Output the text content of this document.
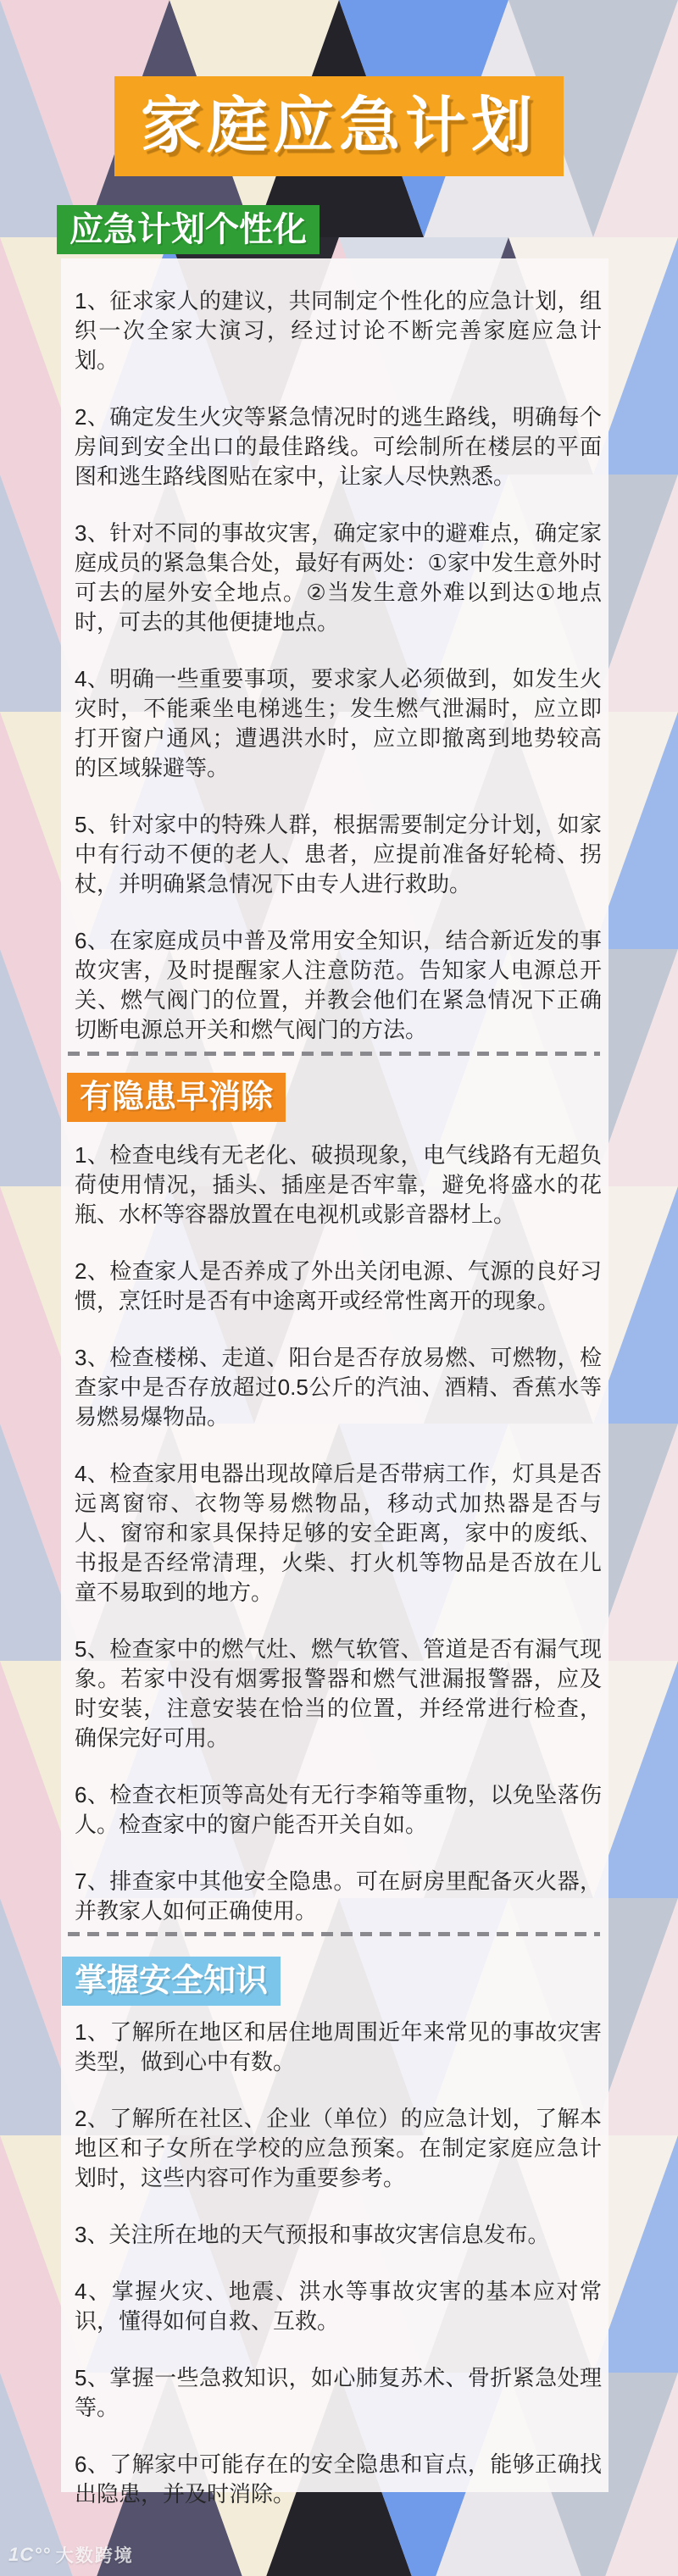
家庭应急计划
应急计划个性化
有隐患早消除
掌握安全知识

1、征求家人的建议，共同制定个性化的应急计划，组织一次全家大演习，经过讨论不断完善家庭应急计划。

2、确定发生火灾等紧急情况时的逃生路线，明确每个房间到安全出口的最佳路线。可绘制所在楼层的平面图和逃生路线图贴在家中，让家人尽快熟悉。

3、针对不同的事故灾害，确定家中的避难点，确定家庭成员的紧急集合处，最好有两处：①家中发生意外时可去的屋外安全地点。②当发生意外难以到达①地点时，可去的其他便捷地点。

4、明确一些重要事项，要求家人必须做到，如发生火灾时，不能乘坐电梯逃生；发生燃气泄漏时，应立即打开窗户通风；遭遇洪水时，应立即撤离到地势较高的区域躲避等。

5、针对家中的特殊人群，根据需要制定分计划，如家中有行动不便的老人、患者，应提前准备好轮椅、拐杖，并明确紧急情况下由专人进行救助。

6、在家庭成员中普及常用安全知识，结合新近发的事故灾害，及时提醒家人注意防范。告知家人电源总开关、燃气阀门的位置，并教会他们在紧急情况下正确切断电源总开关和燃气阀门的方法。

1、检查电线有无老化、破损现象，电气线路有无超负荷使用情况，插头、插座是否牢靠，避免将盛水的花瓶、水杯等容器放置在电视机或影音器材上。

2、检查家人是否养成了外出关闭电源、气源的良好习惯，烹饪时是否有中途离开或经常性离开的现象。

3、检查楼梯、走道、阳台是否存放易燃、可燃物，检查家中是否存放超过0.5公斤的汽油、酒精、香蕉水等易燃易爆物品。

4、检查家用电器出现故障后是否带病工作，灯具是否远离窗帘、衣物等易燃物品，移动式加热器是否与人、窗帘和家具保持足够的安全距离，家中的废纸、书报是否经常清理，火柴、打火机等物品是否放在儿童不易取到的地方。

5、检查家中的燃气灶、燃气软管、管道是否有漏气现象。若家中没有烟雾报警器和燃气泄漏报警器，应及时安装，注意安装在恰当的位置，并经常进行检查，确保完好可用。

6、检查衣柜顶等高处有无行李箱等重物，以免坠落伤人。检查家中的窗户能否开关自如。

7、排查家中其他安全隐患。可在厨房里配备灭火器，并教家人如何正确使用。

1、了解所在地区和居住地周围近年来常见的事故灾害类型，做到心中有数。

2、了解所在社区、企业（单位）的应急计划，了解本地区和子女所在学校的应急预案。在制定家庭应急计划时，这些内容可作为重要参考。

3、关注所在地的天气预报和事故灾害信息发布。

4、掌握火灾、地震、洪水等事故灾害的基本应对常识，懂得如何自救、互救。

5、掌握一些急救知识，如心肺复苏术、骨折紧急处理等。

6、了解家中可能存在的安全隐患和盲点，能够正确找出隐患，并及时消除。

1C°° 大数跨境
